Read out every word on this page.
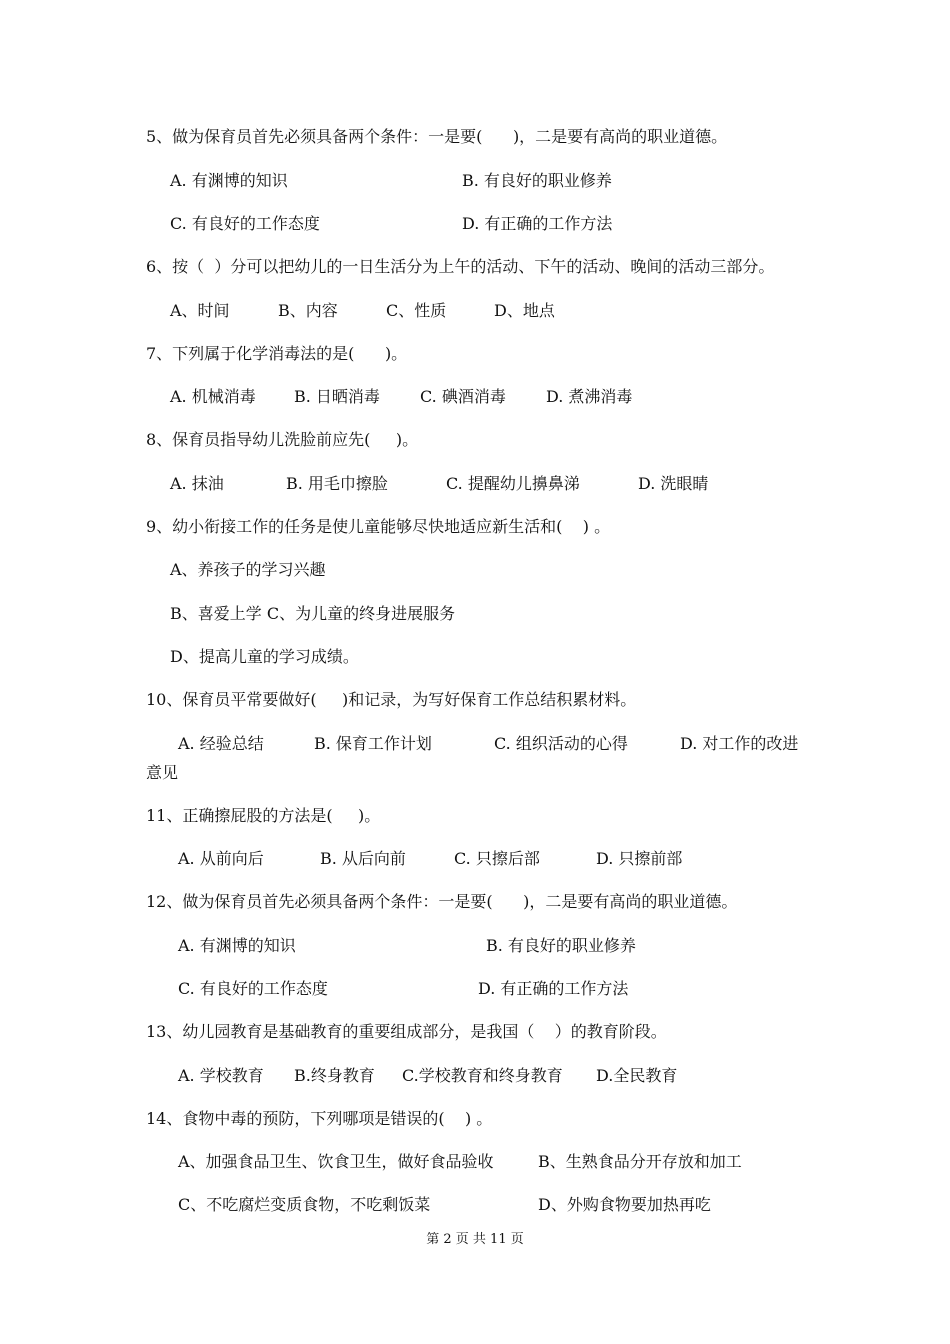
5、做为保育员首先必须具备两个条件：一是要(      )，二是要有高尚的职业道德。
A. 有渊博的知识	B. 有良好的职业修养
C. 有良好的工作态度	D. 有正确的工作方法
6、按（  ）分可以把幼儿的一日生活分为上午的活动、下午的活动、晚间的活动三部分。
A、时间	B、内容	C、性质	D、地点
7、下列属于化学消毒法的是(      )。
A. 机械消毒 B. 日晒消毒	C. 碘酒消毒	D. 煮沸消毒
8、保育员指导幼儿洗脸前应先(     )。
A. 抹油	B. 用毛巾擦脸	C. 提醒幼儿擤鼻涕	D. 洗眼睛
9、幼小衔接工作的任务是使儿童能够尽快地适应新生活和(    ) 。
A、养孩子的学习兴趣
B、喜爱上学 C、为儿童的终身进展服务
D、提高儿童的学习成绩。
10、保育员平常要做好(     )和记录，为写好保育工作总结积累材料。
A. 经验总结	B. 保育工作计划	C. 组织活动的心得	D. 对工作的改进
意见
11、正确擦屁股的方法是(     )。
A. 从前向后	B. 从后向前	C. 只擦后部	D. 只擦前部
12、做为保育员首先必须具备两个条件：一是要(      )，二是要有高尚的职业道德。
A. 有渊博的知识	B. 有良好的职业修养
C. 有良好的工作态度	D. 有正确的工作方法
13、幼儿园教育是基础教育的重要组成部分，是我国（    ）的教育阶段。
A. 学校教育 B.终身教育 C.学校教育和终身教育 D.全民教育
14、食物中毒的预防，下列哪项是错误的(    ) 。
A、加强食品卫生、饮食卫生，做好食品验收	B、生熟食品分开存放和加工
C、不吃腐烂变质食物，不吃剩饭菜	D、外购食物要加热再吃
第 2 页 共 11 页
